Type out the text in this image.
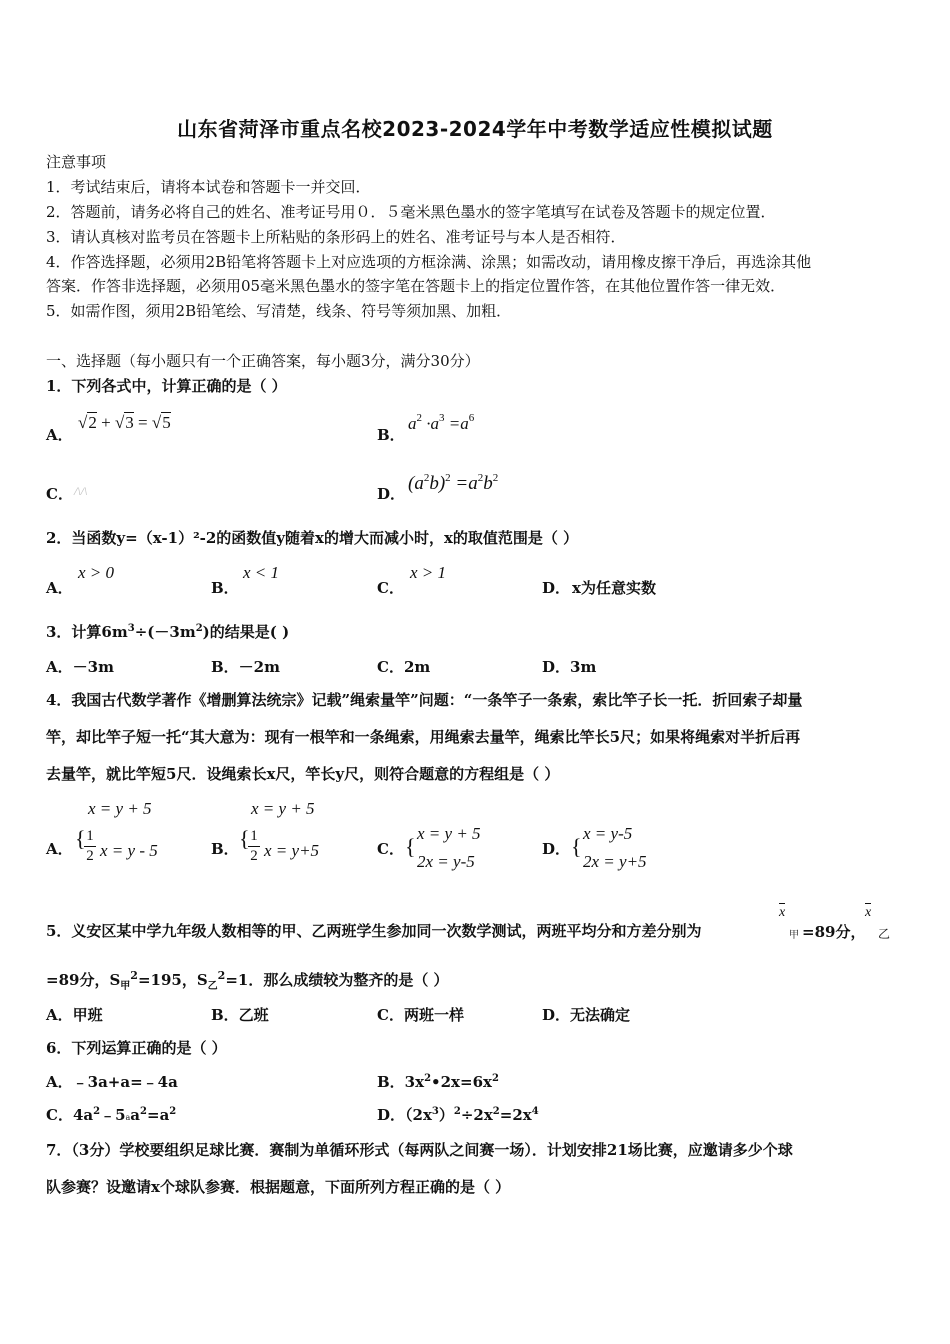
山东省菏泽市重点名校2023-2024学年中考数学适应性模拟试题
注意事项
1．考试结束后，请将本试卷和答题卡一并交回．
2．答题前，请务必将自己的姓名、准考证号用０．５毫米黑色墨水的签字笔填写在试卷及答题卡的规定位置．
3．请认真核对监考员在答题卡上所粘贴的条形码上的姓名、准考证号与本人是否相符．
4．作答选择题，必须用2B铅笔将答题卡上对应选项的方框涂满、涂黑；如需改动，请用橡皮擦干净后，再选涂其他
答案．作答非选择题，必须用05毫米黑色墨水的签字笔在答题卡上的指定位置作答，在其他位置作答一律无效．
5．如需作图，须用2B铅笔绘、写清楚，线条、符号等须加黑、加粗．
一、选择题（每小题只有一个正确答案，每小题3分，满分30分）
1．下列各式中，计算正确的是（ ）
A．
√2 + √3 = √5
B．
$a^2 \cdot a^3 =a^6$
C． /\/\	D． $(a^2b)^2 =a^2b^2$
2．当函数y=（x-1）²-2的函数值y随着x的增大而减小时，x的取值范围是（ ）
A．
x > 0
B．
x < 1
C．
x > 1
D． x为任意实数
3．计算$6m^3\div(-3m^2)$的结果是( )
A．－3m	B．－2m	C．2m	D．3m
4．我国古代数学著作《增删算法统宗》记载”绳索量竿”问题：“一条竿子一条索，索比竿子长一托．折回索子却量
竿，却比竿子短一托“其大意为：现有一根竿和一条绳索，用绳索去量竿，绳索比竿长5尺；如果将绳索对半折后再
去量竿，就比竿短5尺．设绳索长x尺，竿长y尺，则符合题意的方程组是（ ）
A．
x = y + 5
{ 1
2 x = y - 5	B．
x = y + 5
{ 1
2 x = y+5	C． {
x = y + 5
2x = y-5
D． {
x = y-5
2x = y+5
5．义安区某中学九年级人数相等的甲、乙两班学生参加同一次数学测试，两班平均分和方差分别为
x
甲 =89分，
x
乙
=89分，$S_甲^2=195$，$S_乙^2=1$．那么成绩较为整齐的是（ ）
A．甲班	B．乙班	C．两班一样	D．无法确定
6．下列运算正确的是（ ）
A．﹣3a+a=﹣4a	B．$3x^2•2x=6x^2$
C．$4a^2﹣5aa^2=a^2$	D．$(2x^3)^2\div 2x^2=2x^4$
7．（3分）学校要组织足球比赛．赛制为单循环形式（每两队之间赛一场）．计划安排21场比赛，应邀请多少个球
队参赛？设邀请x个球队参赛．根据题意，下面所列方程正确的是（ ）
